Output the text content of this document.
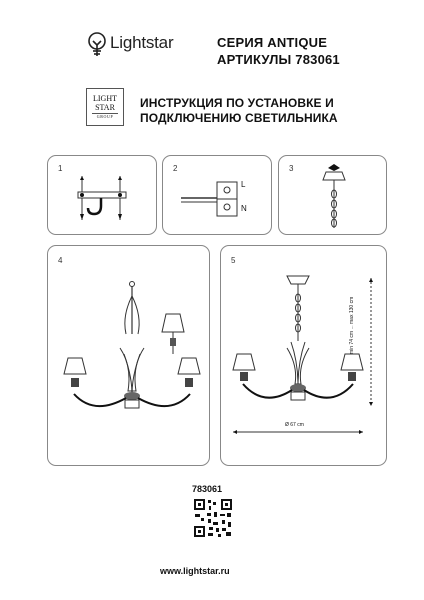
Lightstar	СЕРИЯ ANTIQUE
АРТИКУЛЫ 783061
LIGHT
STAR
GROUP
ИНСТРУКЦИЯ ПО УСТАНОВКЕ И
ПОДКЛЮЧЕНИЮ СВЕТИЛЬНИКА
1	2
L
N
3
4	5
min 74 cm ... max 130 cm
Ø 67 cm
783061
www.lightstar.ru
